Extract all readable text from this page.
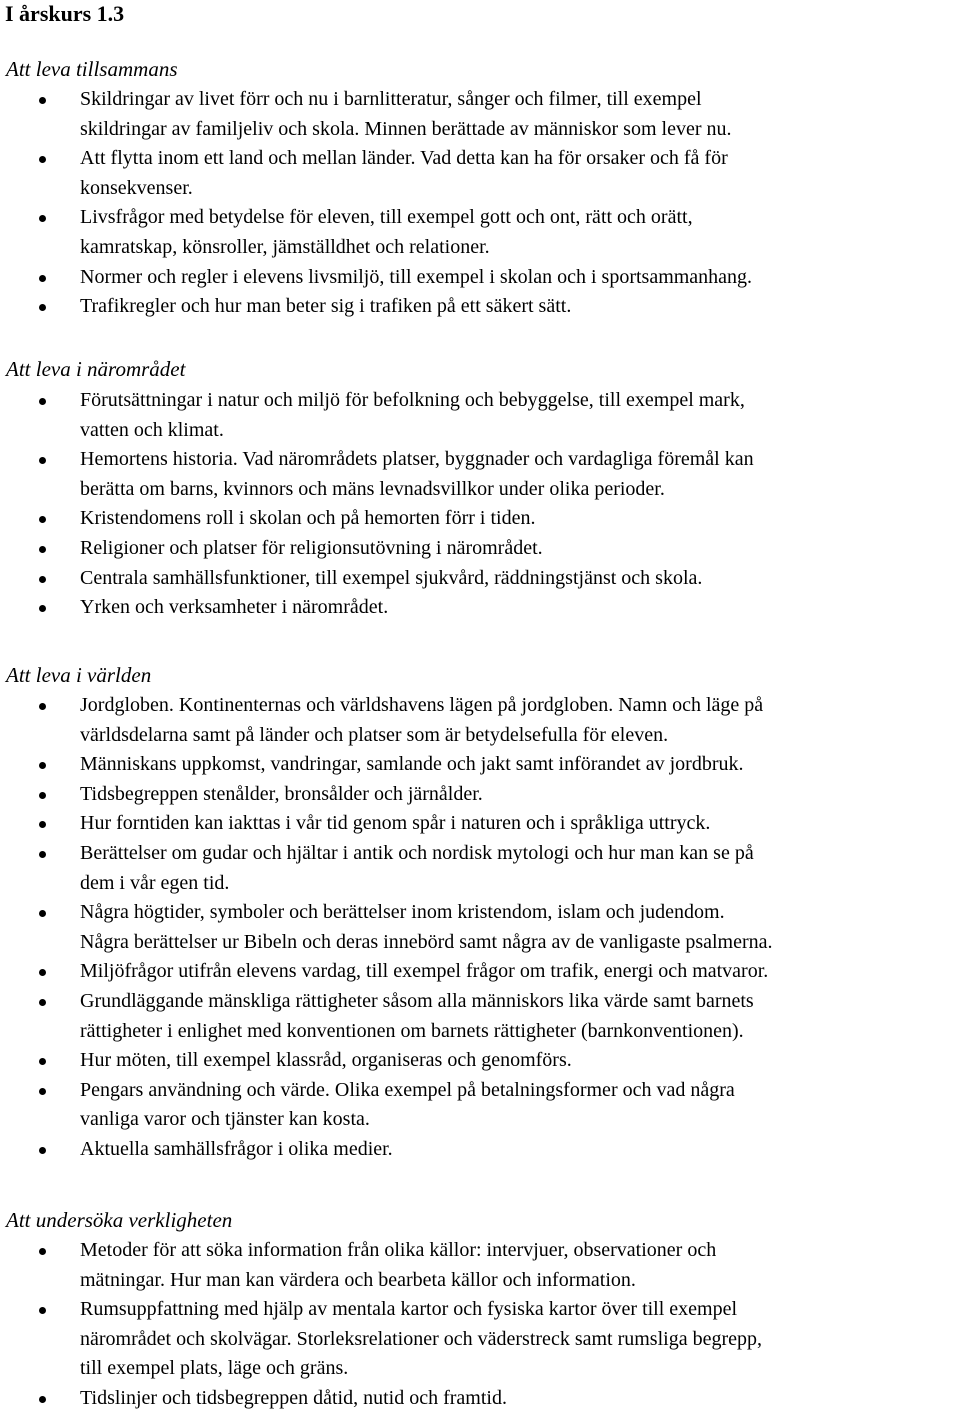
I årskurs 1.3
Att leva tillsammans
Skildringar av livet förr och nu i barnlitteratur, sånger och filmer, till exempel
skildringar av familjeliv och skola. Minnen berättade av människor som lever nu.
Att flytta inom ett land och mellan länder. Vad detta kan ha för orsaker och få för
konsekvenser.
Livsfrågor med betydelse för eleven, till exempel gott och ont, rätt och orätt,
kamratskap, könsroller, jämställdhet och relationer.
Normer och regler i elevens livsmiljö, till exempel i skolan och i sportsammanhang.
Trafikregler och hur man beter sig i trafiken på ett säkert sätt.
Att leva i närområdet
Förutsättningar i natur och miljö för befolkning och bebyggelse, till exempel mark,
vatten och klimat.
Hemortens historia. Vad närområdets platser, byggnader och vardagliga föremål kan
berätta om barns, kvinnors och mäns levnadsvillkor under olika perioder.
Kristendomens roll i skolan och på hemorten förr i tiden.
Religioner och platser för religionsutövning i närområdet.
Centrala samhällsfunktioner, till exempel sjukvård, räddningstjänst och skola.
Yrken och verksamheter i närområdet.
Att leva i världen
Jordgloben. Kontinenternas och världshavens lägen på jordgloben. Namn och läge på
världsdelarna samt på länder och platser som är betydelsefulla för eleven.
Människans uppkomst, vandringar, samlande och jakt samt införandet av jordbruk.
Tidsbegreppen stenålder, bronsålder och järnålder.
Hur forntiden kan iakttas i vår tid genom spår i naturen och i språkliga uttryck.
Berättelser om gudar och hjältar i antik och nordisk mytologi och hur man kan se på
dem i vår egen tid.
Några högtider, symboler och berättelser inom kristendom, islam och judendom.
Några berättelser ur Bibeln och deras innebörd samt några av de vanligaste psalmerna.
Miljöfrågor utifrån elevens vardag, till exempel frågor om trafik, energi och matvaror.
Grundläggande mänskliga rättigheter såsom alla människors lika värde samt barnets
rättigheter i enlighet med konventionen om barnets rättigheter (barnkonventionen).
Hur möten, till exempel klassråd, organiseras och genomförs.
Pengars användning och värde. Olika exempel på betalningsformer och vad några
vanliga varor och tjänster kan kosta.
Aktuella samhällsfrågor i olika medier.
Att undersöka verkligheten
Metoder för att söka information från olika källor: intervjuer, observationer och
mätningar. Hur man kan värdera och bearbeta källor och information.
Rumsuppfattning med hjälp av mentala kartor och fysiska kartor över till exempel
närområdet och skolvägar. Storleksrelationer och väderstreck samt rumsliga begrepp,
till exempel plats, läge och gräns.
Tidslinjer och tidsbegreppen dåtid, nutid och framtid.
